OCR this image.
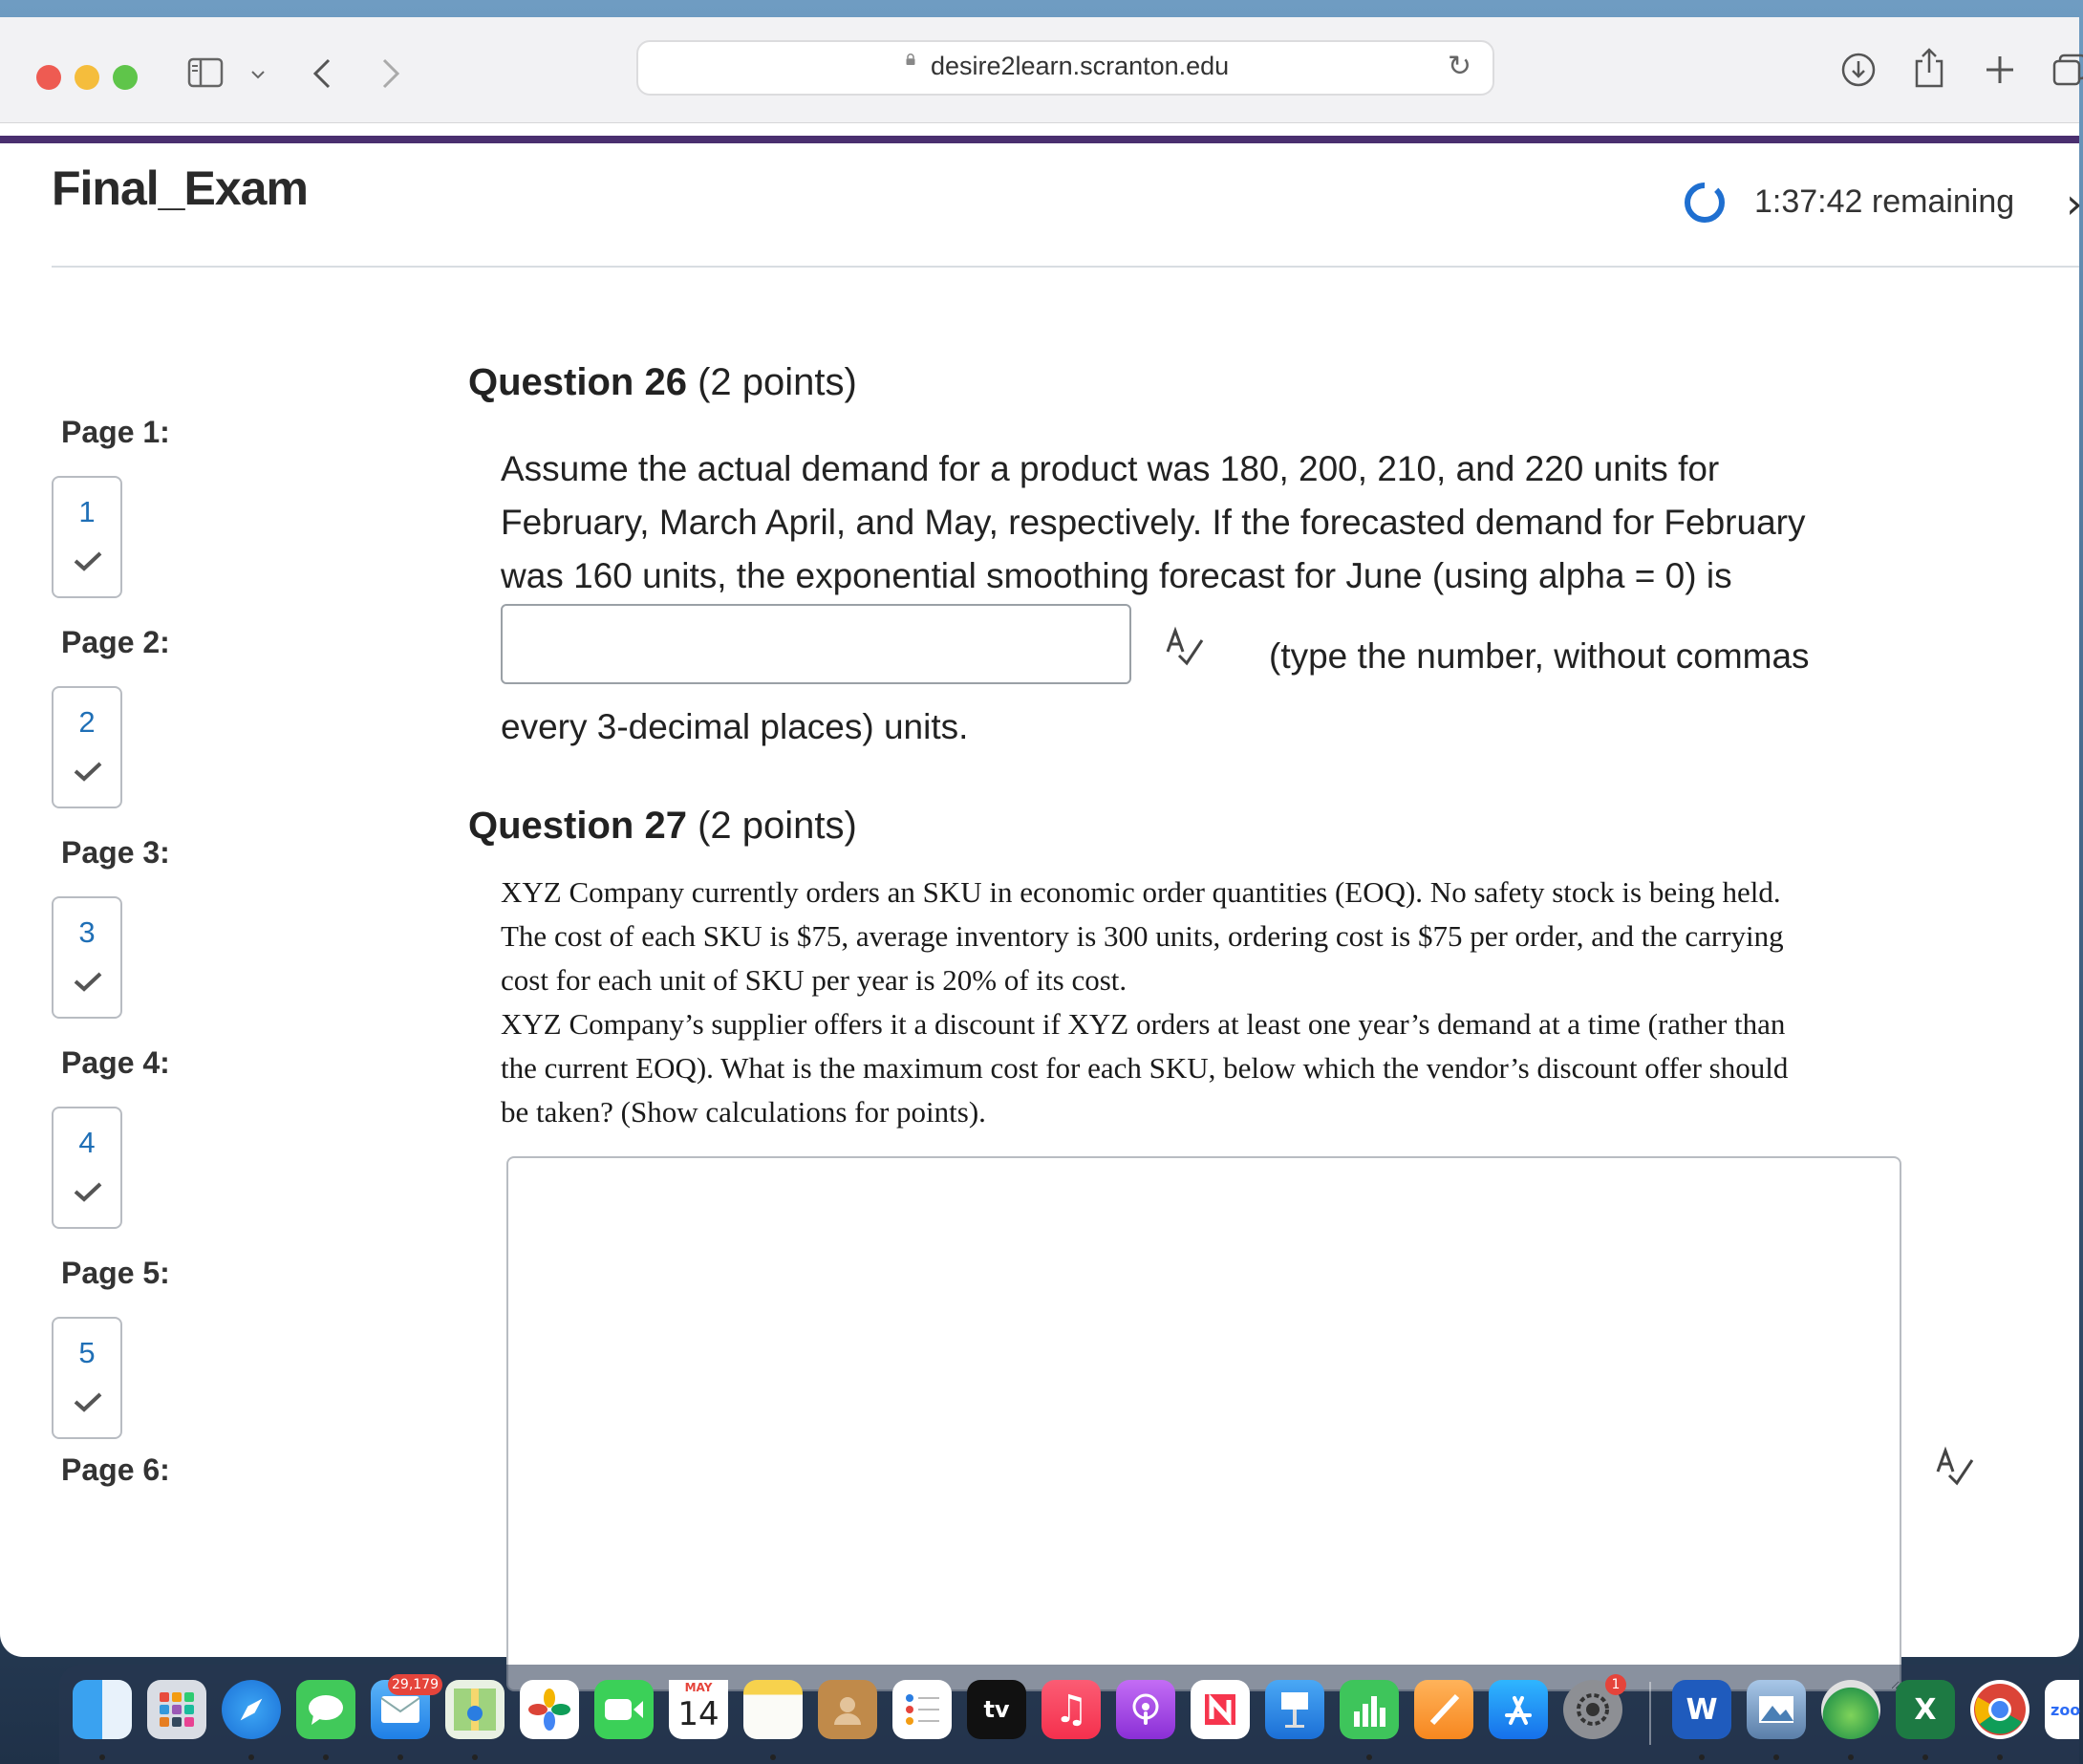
desire2learn.scranton.edu	↻
Final_Exam	1:37:42 remaining ›
Page 1:
1
Page 2:
2
Page 3:
3
Page 4:
4
Page 5:
5
Page 6:
Question 26 (2 points)
Assume the actual demand for a product was 180, 200, 210, and 220 units for
February, March April, and May, respectively. If the forecasted demand for February
was 160 units, the exponential smoothing forecast for June (using alpha = 0) is
(type the number, without commas
every 3-decimal places) units.
Question 27 (2 points)
XYZ Company currently orders an SKU in economic order quantities (EOQ). No safety stock is being held.
The cost of each SKU is $75, average inventory is 300 units, ordering cost is $75 per order, and the carrying
cost for each unit of SKU per year is 20% of its cost.
XYZ Company’s supplier offers it a discount if XYZ orders at least one year’s demand at a time (rather than
the current EOQ). What is the maximum cost for each SKU, below which the vendor’s discount offer should
be taken? (Show calculations for points).
29,179	MAY
14	tv	♫
1
W	X	zoo
